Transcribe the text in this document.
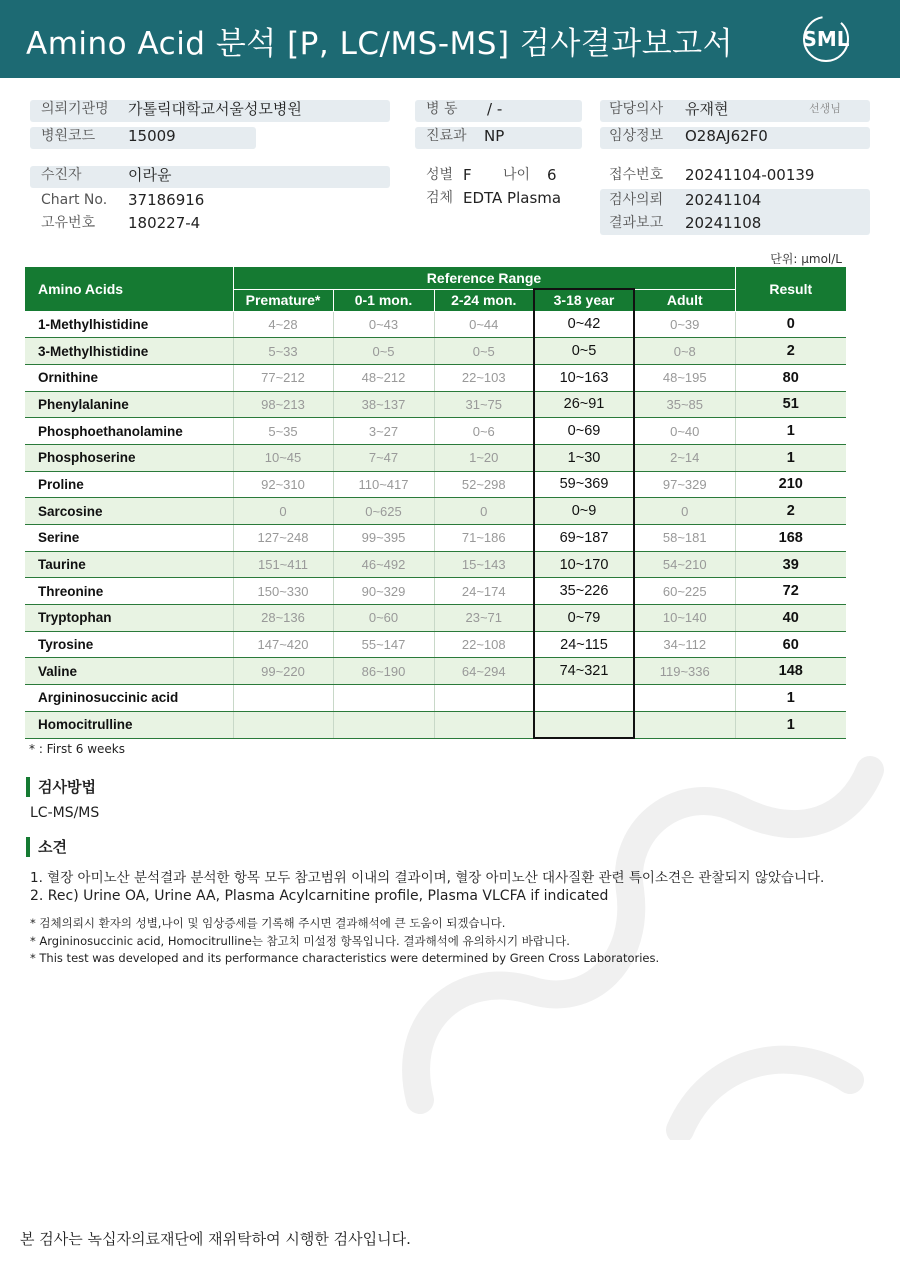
Amino Acid 분석 [P, LC/MS-MS] 검사결과보고서	SML
의뢰기관명 가톨릭대학교서울성모병원
병원코드 15009
수진자	이라윤
Chart No. 37186916
고유번호 180227-4
병 동 / -
진료과 NP
성별 F 나이 6
검체 EDTA Plasma
담당의사 유재현	선생님
임상정보 O28AJ62F0
접수번호 20241104-00139
검사의뢰 20241104
결과보고 20241108
단위: μmol/L
Amino Acids	Reference Range					Result
	Premature*	0-1 mon.	2-24 mon.	3-18 year	Adult	
1-Methylhistidine	4~28	0~43	0~44	0~42	0~39	0
3-Methylhistidine	5~33	0~5	0~5	0~5	0~8	2
Ornithine	77~212	48~212	22~103	10~163	48~195	80
Phenylalanine	98~213	38~137	31~75	26~91	35~85	51
Phosphoethanolamine	5~35	3~27	0~6	0~69	0~40	1
Phosphoserine	10~45	7~47	1~20	1~30	2~14	1
Proline	92~310	110~417	52~298	59~369	97~329	210
Sarcosine	0	0~625	0	0~9	0	2
Serine	127~248	99~395	71~186	69~187	58~181	168
Taurine	151~411	46~492	15~143	10~170	54~210	39
Threonine	150~330	90~329	24~174	35~226	60~225	72
Tryptophan	28~136	0~60	23~71	0~79	10~140	40
Tyrosine	147~420	55~147	22~108	24~115	34~112	60
Valine	99~220	86~190	64~294	74~321	119~336	148
Argininosuccinic acid						1
Homocitrulline						1
* : First 6 weeks
검사방법
LC-MS/MS
소견
1. 혈장 아미노산 분석결과 분석한 항목 모두 참고범위 이내의 결과이며, 혈장 아미노산 대사질환 관련 특이소견은 관찰되지 않았습니다.
2. Rec) Urine OA, Urine AA, Plasma Acylcarnitine profile, Plasma VLCFA if indicated
* 검체의뢰시 환자의 성별,나이 및 임상증세를 기록해 주시면 결과해석에 큰 도움이 되겠습니다.
* Argininosuccinic acid, Homocitrulline는 참고치 미설정 항목입니다. 결과해석에 유의하시기 바랍니다.
* This test was developed and its performance characteristics were determined by Green Cross Laboratories.
본 검사는 녹십자의료재단에 재위탁하여 시행한 검사입니다.
